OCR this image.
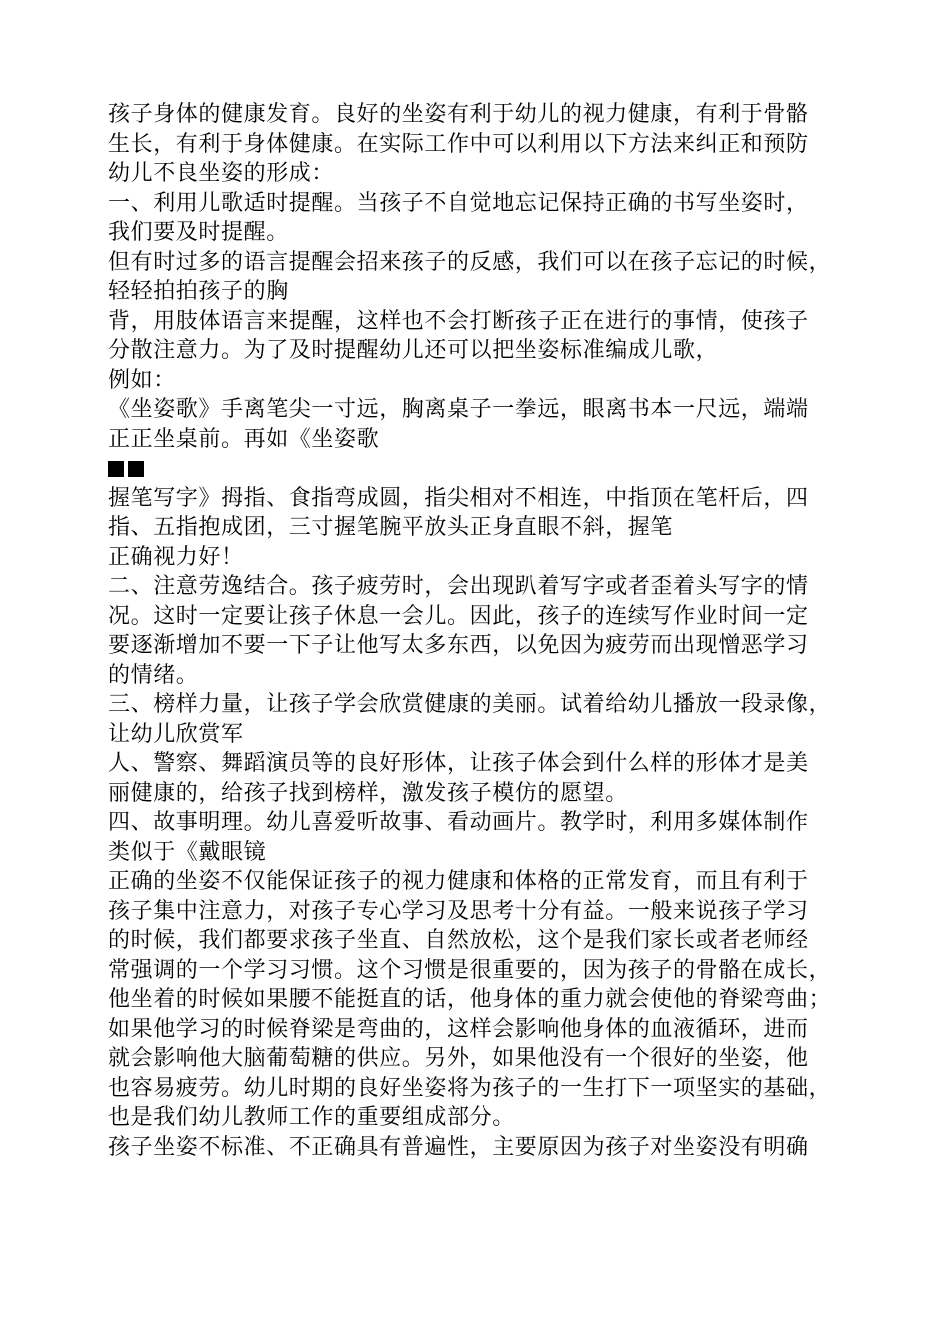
孩子身体的健康发育。良好的坐姿有利于幼儿的视力健康，有利于骨骼
生长，有利于身体健康。在实际工作中可以利用以下方法来纠正和预防
幼儿不良坐姿的形成：
一、利用儿歌适时提醒。当孩子不自觉地忘记保持正确的书写坐姿时，
我们要及时提醒。
但有时过多的语言提醒会招来孩子的反感，我们可以在孩子忘记的时候，
轻轻拍拍孩子的胸
背，用肢体语言来提醒，这样也不会打断孩子正在进行的事情，使孩子
分散注意力。为了及时提醒幼儿还可以把坐姿标准编成儿歌，
例如：
《坐姿歌》手离笔尖一寸远，胸离桌子一拳远，眼离书本一尺远，端端
正正坐桌前。再如《坐姿歌
握笔写字》拇指、食指弯成圆，指尖相对不相连，中指顶在笔杆后，四
指、五指抱成团，三寸握笔腕平放头正身直眼不斜，握笔
正确视力好！
二、注意劳逸结合。孩子疲劳时，会出现趴着写字或者歪着头写字的情
况。这时一定要让孩子休息一会儿。因此，孩子的连续写作业时间一定
要逐渐增加不要一下子让他写太多东西，以免因为疲劳而出现憎恶学习
的情绪。
三、榜样力量，让孩子学会欣赏健康的美丽。试着给幼儿播放一段录像，
让幼儿欣赏军
人、警察、舞蹈演员等的良好形体，让孩子体会到什么样的形体才是美
丽健康的，给孩子找到榜样，激发孩子模仿的愿望。
四、故事明理。幼儿喜爱听故事、看动画片。教学时，利用多媒体制作
类似于《戴眼镜
正确的坐姿不仅能保证孩子的视力健康和体格的正常发育，而且有利于
孩子集中注意力，对孩子专心学习及思考十分有益。一般来说孩子学习
的时候，我们都要求孩子坐直、自然放松，这个是我们家长或者老师经
常强调的一个学习习惯。这个习惯是很重要的，因为孩子的骨骼在成长，
他坐着的时候如果腰不能挺直的话，他身体的重力就会使他的脊梁弯曲；
如果他学习的时候脊梁是弯曲的，这样会影响他身体的血液循环，进而
就会影响他大脑葡萄糖的供应。另外，如果他没有一个很好的坐姿，他
也容易疲劳。幼儿时期的良好坐姿将为孩子的一生打下一项坚实的基础，
也是我们幼儿教师工作的重要组成部分。
孩子坐姿不标准、不正确具有普遍性，主要原因为孩子对坐姿没有明确
